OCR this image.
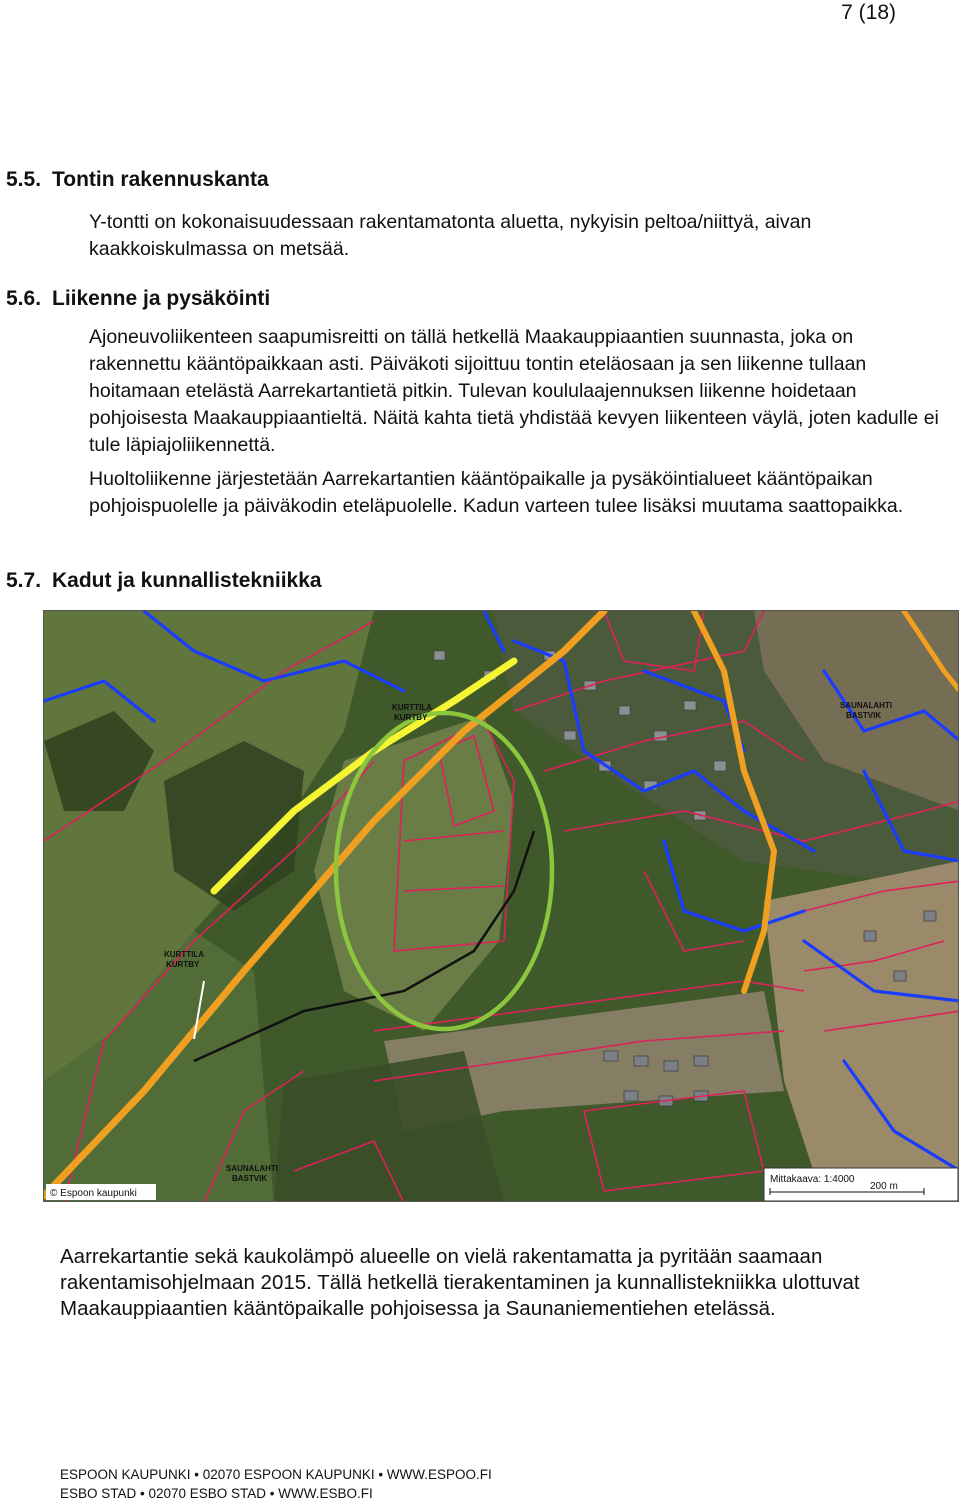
7 (18)
5.5. Tontin rakennuskanta

Y-tontti on kokonaisuudessaan rakentamatonta aluetta, nykyisin peltoa/niittyä, aivan kaakkoiskulmassa on metsää.

5.6. Liikenne ja pysäköinti

Ajoneuvoliikenteen saapumisreitti on tällä hetkellä Maakauppiaantien suunnasta, joka on rakennettu kääntöpaikkaan asti. Päiväkoti sijoittuu tontin eteläosaan ja sen liikenne tullaan hoitamaan etelästä Aarrekartantietä pitkin. Tulevan koululaajennuksen liikenne hoidetaan pohjoisesta Maakauppiaantieltä. Näitä kahta tietä yhdistää kevyen liikenteen väylä, joten kadulle ei tule läpiajoliikennettä.

Huoltoliikenne järjestetään Aarrekartantien kääntöpaikalle ja pysäköintialueet kääntöpaikan pohjoispuolelle ja päiväkodin eteläpuolelle. Kadun varteen tulee lisäksi muutama saattopaikka.

5.7. Kadut ja kunnallistekniikka
KURTTILA
KURTBY
KURTTILA
KURTBY
SAUNALAHTI
BASTVIK
SAUNALAHTI
BASTVIK
© Espoon kaupunki
Mittakaava: 1:4000
200 m

Aarrekartantie sekä kaukolämpö alueelle on vielä rakentamatta ja pyritään saamaan rakentamisohjelmaan 2015. Tällä hetkellä tierakentaminen ja kunnallistekniikka ulottuvat Maakauppiaantien kääntöpaikalle pohjoisessa ja Saunaniementiehen etelässä.

ESPOON KAUPUNKI • 02070 ESPOON KAUPUNKI • WWW.ESPOO.FI
ESBO STAD • 02070 ESBO STAD • WWW.ESBO.FI
